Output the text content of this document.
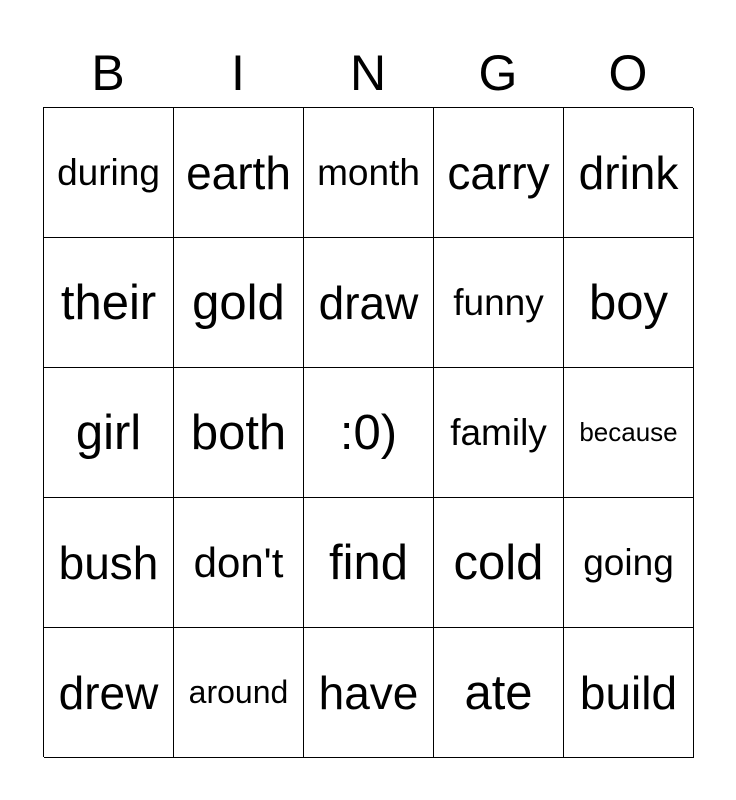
B	I	N	G	O
during earth month carry drink
their gold draw funny boy
girl	both	:0)	family	because
bush don't find cold	going
drew around have ate	build
